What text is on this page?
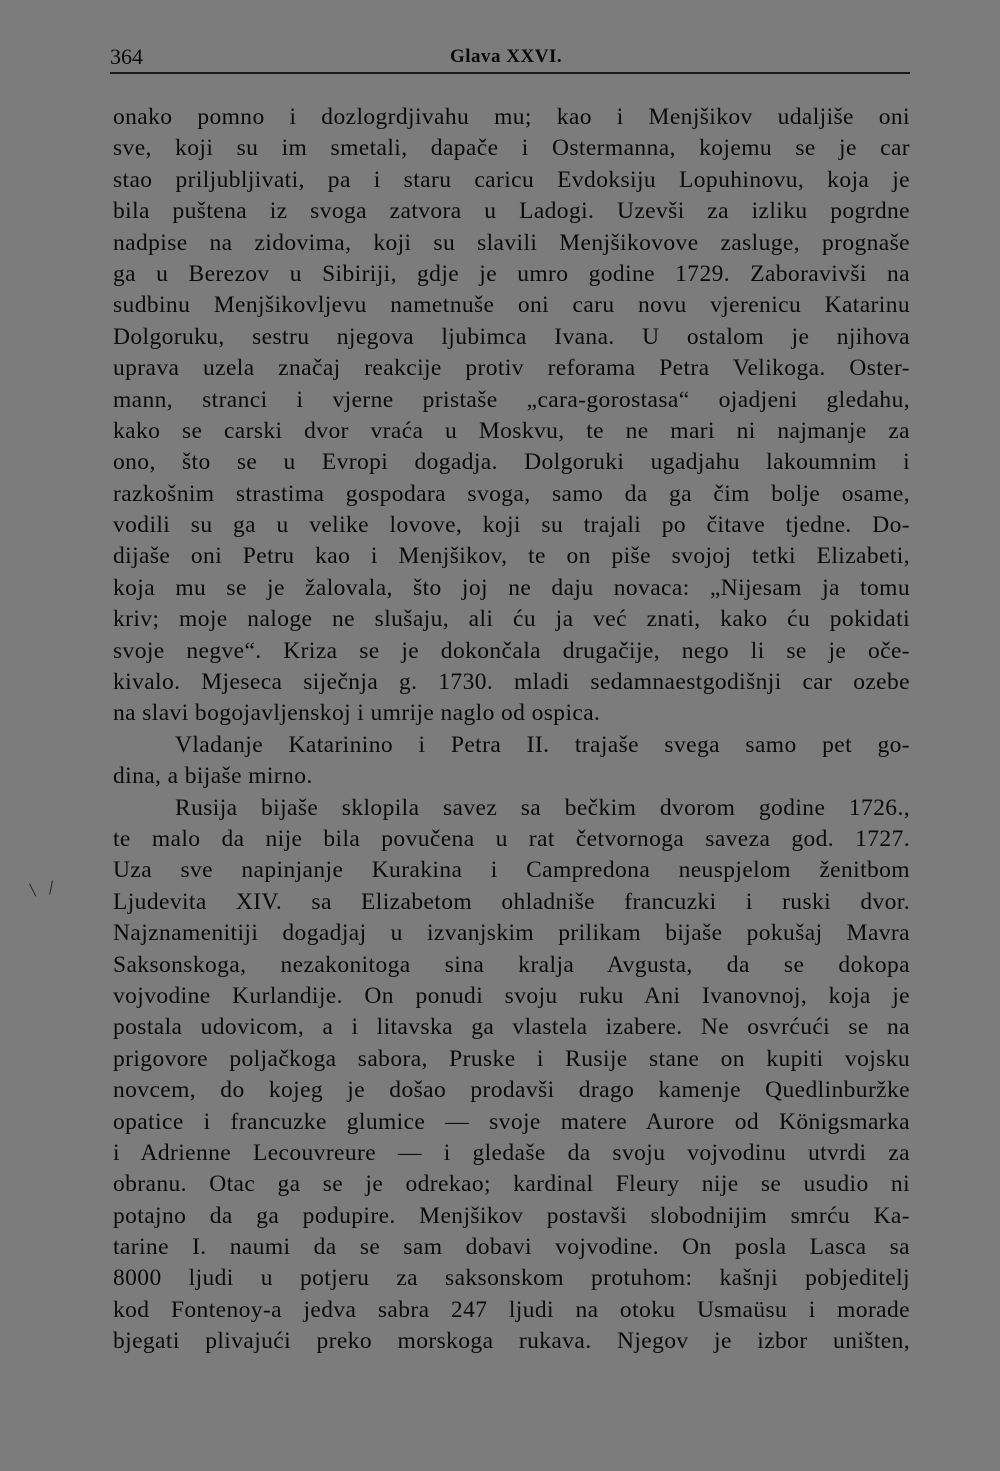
364	Glava XXVI.
\ /
onako pomno i dozlogrdjivahu mu; kao i Menjšikov udaljiše oni
sve, koji su im smetali, dapače i Ostermanna, kojemu se je car
stao priljubljivati, pa i staru caricu Evdoksiju Lopuhinovu, koja je
bila puštena iz svoga zatvora u Ladogi. Uzevši za izliku pogrdne
nadpise na zidovima, koji su slavili Menjšikovove zasluge, prognaše
ga u Berezov u Sibiriji, gdje je umro godine 1729. Zaboravivši na
sudbinu Menjšikovljevu nametnuše oni caru novu vjerenicu Katarinu
Dolgoruku, sestru njegova ljubimca Ivana. U ostalom je njihova
uprava uzela značaj reakcije protiv reforama Petra Velikoga. Oster-
mann, stranci i vjerne pristaše „cara-gorostasa“ ojadjeni gledahu,
kako se carski dvor vraća u Moskvu, te ne mari ni najmanje za
ono, što se u Evropi dogadja. Dolgoruki ugadjahu lakoumnim i
razkošnim strastima gospodara svoga, samo da ga čim bolje osame,
vodili su ga u velike lovove, koji su trajali po čitave tjedne. Do-
dijaše oni Petru kao i Menjšikov, te on piše svojoj tetki Elizabeti,
koja mu se je žalovala, što joj ne daju novaca: „Nijesam ja tomu
kriv; moje naloge ne slušaju, ali ću ja već znati, kako ću pokidati
svoje negve“. Kriza se je dokončala drugačije, nego li se je oče-
kivalo. Mjeseca siječnja g. 1730. mladi sedamnaestgodišnji car ozebe
na slavi bogojavljenskoj i umrije naglo od ospica.
Vladanje Katarinino i Petra II. trajaše svega samo pet go-
dina, a bijaše mirno.
Rusija bijaše sklopila savez sa bečkim dvorom godine 1726.,
te malo da nije bila povučena u rat četvornoga saveza god. 1727.
Uza sve napinjanje Kurakina i Campredona neuspjelom ženitbom
Ljudevita XIV. sa Elizabetom ohladniše francuzki i ruski dvor.
Najznamenitiji dogadjaj u izvanjskim prilikam bijaše pokušaj Mavra
Saksonskoga, nezakonitoga sina kralja Avgusta, da se dokopa
vojvodine Kurlandije. On ponudi svoju ruku Ani Ivanovnoj, koja je
postala udovicom, a i litavska ga vlastela izabere. Ne osvrćući se na
prigovore poljačkoga sabora, Pruske i Rusije stane on kupiti vojsku
novcem, do kojeg je došao prodavši drago kamenje Quedlinburžke
opatice i francuzke glumice — svoje matere Aurore od Königsmarka
i Adrienne Lecouvreure — i gledaše da svoju vojvodinu utvrdi za
obranu. Otac ga se je odrekao; kardinal Fleury nije se usudio ni
potajno da ga podupire. Menjšikov postavši slobodnijim smrću Ka-
tarine I. naumi da se sam dobavi vojvodine. On posla Lasca sa
8000 ljudi u potjeru za saksonskom protuhom: kašnji pobjeditelj
kod Fontenoy-a jedva sabra 247 ljudi na otoku Usmaüsu i morade
bjegati plivajući preko morskoga rukava. Njegov je izbor uništen,
